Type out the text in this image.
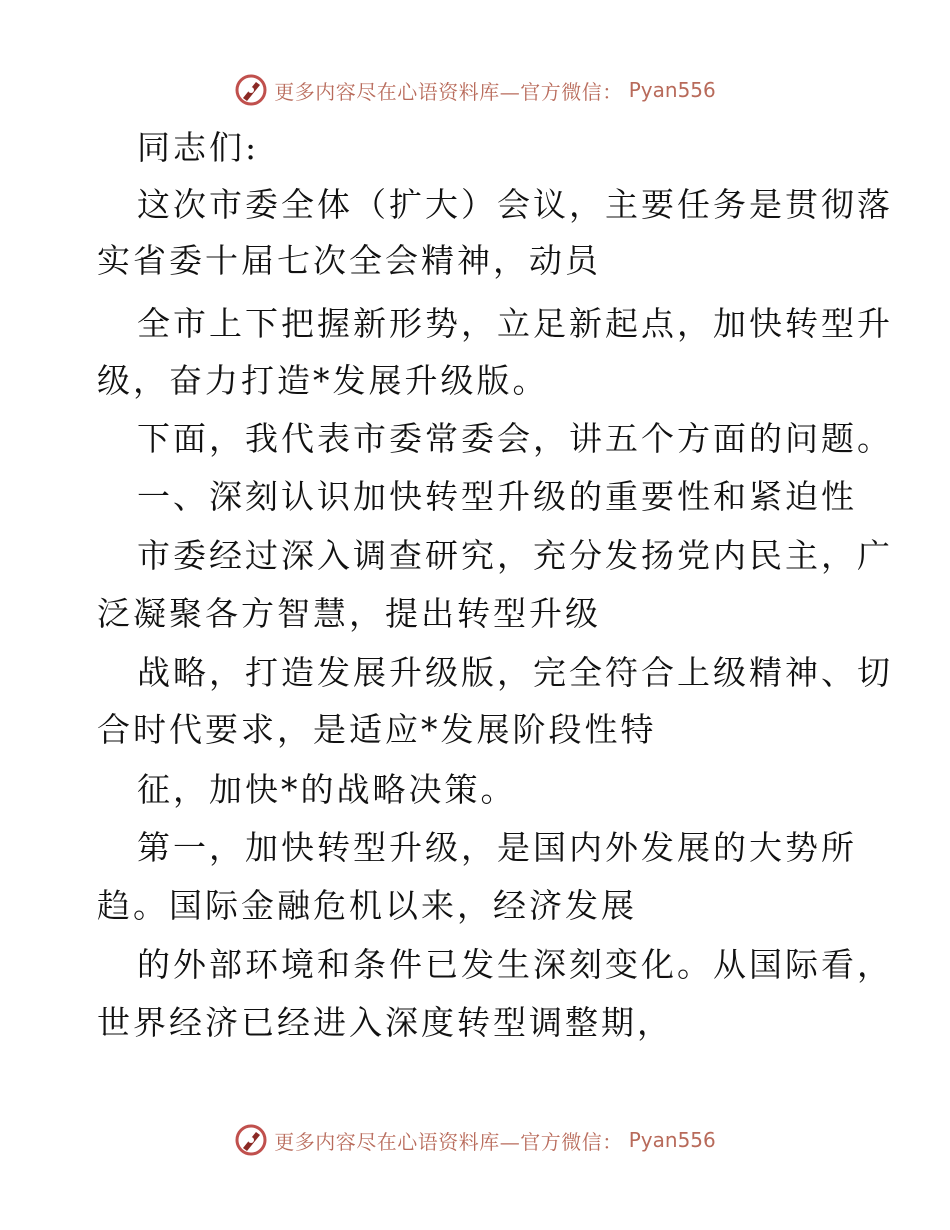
更多内容尽在心语资料库—官方微信： Pyan556
同志们:
这次市委全体（扩大）会议，主要任务是贯彻落
实省委十届七次全会精神，动员
全市上下把握新形势，立足新起点，加快转型升
级，奋力打造*发展升级版。
下面，我代表市委常委会，讲五个方面的问题。
一、深刻认识加快转型升级的重要性和紧迫性
市委经过深入调查研究，充分发扬党内民主，广
泛凝聚各方智慧，提出转型升级
战略，打造发展升级版，完全符合上级精神、切
合时代要求，是适应*发展阶段性特
征，加快*的战略决策。
第一，加快转型升级，是国内外发展的大势所
趋。国际金融危机以来，经济发展
的外部环境和条件已发生深刻变化。从国际看，
世界经济已经进入深度转型调整期，
更多内容尽在心语资料库—官方微信： Pyan556
